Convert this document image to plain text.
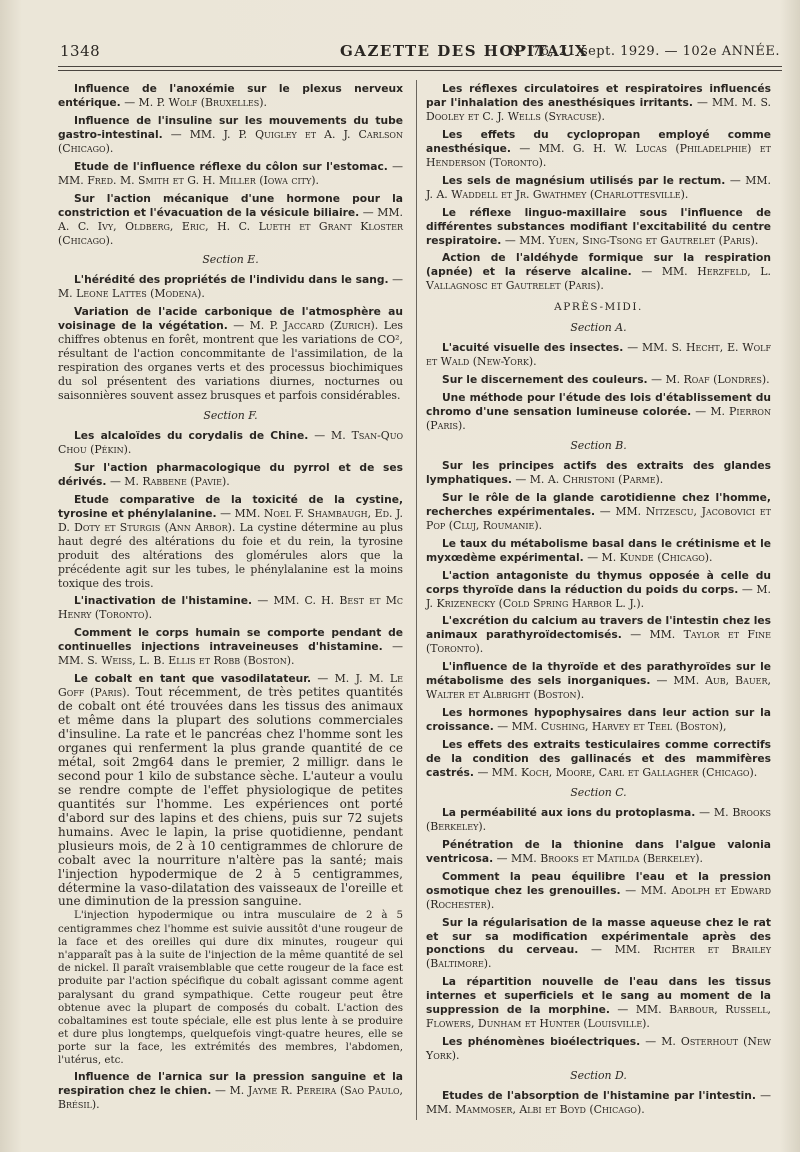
1348	GAZETTE DES HOPITAUX
N° 76, 21 sept. 1929. — 102e ANNÉE.

Influence de l'anoxémie sur le plexus nerveux entérique. — M. P. Wolf (Bruxelles).

Influence de l'insuline sur les mouvements du tube gastro-intestinal. — MM. J. P. Quigley et A. J. Carlson (Chicago).

Etude de l'influence réflexe du côlon sur l'estomac. — MM. Fred. M. Smith et G. H. Miller (Iowa city).

Sur l'action mécanique d'une hormone pour la constriction et l'évacuation de la vésicule biliaire. — MM. A. C. Ivy, Oldberg, Eric, H. C. Lueth et Grant Kloster (Chicago).

Section E.

L'hérédité des propriétés de l'individu dans le sang. — M. Leone Lattes (Modena).

Variation de l'acide carbonique de l'atmosphère au voisinage de la végétation. — M. P. Jaccard (Zurich). Les chiffres obtenus en forêt, montrent que les variations de CO², résultant de l'action concommitante de l'assimilation, de la respiration des organes verts et des processus biochimiques du sol présentent des variations diurnes, nocturnes ou saisonnières souvent assez brusques et parfois considérables.

Section F.

Les alcaloïdes du corydalis de Chine. — M. Tsan-Quo Chou (Pékin).

Sur l'action pharmacologique du pyrrol et de ses dérivés. — M. Rabbene (Pavie).

Etude comparative de la toxicité de la cystine, tyrosine et phénylalanine. — MM. Noel F. Shambaugh, Ed. J. D. Doty et Sturgis (Ann Arbor). La cystine détermine au plus haut degré des altérations du foie et du rein, la tyrosine produit des altérations des glomérules alors que la précédente agit sur les tubes, le phénylalanine est la moins toxique des trois.

L'inactivation de l'histamine. — MM. C. H. Best et Mc Henry (Toronto).

Comment le corps humain se comporte pendant de continuelles injections intraveineuses d'histamine. — MM. S. Weiss, L. B. Ellis et Robb (Boston).

Le cobalt en tant que vasodilatateur. — M. J. M. Le Goff (Paris). Tout récemment, de très petites quantités de cobalt ont été trouvées dans les tissus des animaux et même dans la plupart des solutions commerciales d'insuline. La rate et le pancréas chez l'homme sont les organes qui renferment la plus grande quantité de ce métal, soit 2mg64 dans le premier, 2 milligr. dans le second pour 1 kilo de substance sèche. L'auteur a voulu se rendre compte de l'effet physiologique de petites quantités sur l'homme. Les expériences ont porté d'abord sur des lapins et des chiens, puis sur 72 sujets humains. Avec le lapin, la prise quotidienne, pendant plusieurs mois, de 2 à 10 centigrammes de chlorure de cobalt avec la nourriture n'altère pas la santé; mais l'injection hypodermique de 2 à 5 centigrammes, détermine la vaso-dilatation des vaisseaux de l'oreille et une diminution de la pression sanguine.

L'injection hypodermique ou intra musculaire de 2 à 5 centigrammes chez l'homme est suivie aussitôt d'une rougeur de la face et des oreilles qui dure dix minutes, rougeur qui n'apparaît pas à la suite de l'injection de la même quantité de sel de nickel. Il paraît vraisemblable que cette rougeur de la face est produite par l'action spécifique du cobalt agissant comme agent paralysant du grand sympathique. Cette rougeur peut être obtenue avec la plupart de composés du cobalt. L'action des cobaltamines est toute spéciale, elle est plus lente à se produire et dure plus longtemps, quelquefois vingt-quatre heures, elle se porte sur la face, les extrémités des membres, l'abdomen, l'utérus, etc.

Influence de l'arnica sur la pression sanguine et la respiration chez le chien. — M. Jayme R. Pereira (Sao Paulo, Brésil).

Les réflexes circulatoires et respiratoires influencés par l'inhalation des anesthésiques irritants. — MM. M. S. Dooley et C. J. Wells (Syracuse).

Les effets du cyclopropan employé comme anesthésique. — MM. G. H. W. Lucas (Philadelphie) et Henderson (Toronto).

Les sels de magnésium utilisés par le rectum. — MM. J. A. Waddell et Jr. Gwathmey (Charlottesville).

Le réflexe linguo-maxillaire sous l'influence de différentes substances modifiant l'excitabilité du centre respiratoire. — MM. Yuen, Sing-Tsong et Gautrelet (Paris).

Action de l'aldéhyde formique sur la respiration (apnée) et la réserve alcaline. — MM. Herzfeld, L. Vallagnosc et Gautrelet (Paris).

APRÈS-MIDI.
Section A.

L'acuité visuelle des insectes. — MM. S. Hecht, E. Wolf et Wald (New-York).

Sur le discernement des couleurs. — M. Roaf (Londres).

Une méthode pour l'étude des lois d'établissement du chromo d'une sensation lumineuse colorée. — M. Pierron (Paris).

Section B.

Sur les principes actifs des extraits des glandes lymphatiques. — M. A. Christoni (Parme).

Sur le rôle de la glande carotidienne chez l'homme, recherches expérimentales. — MM. Nitzescu, Jacobovici et Pop (Cluj, Roumanie).

Le taux du métabolisme basal dans le crétinisme et le myxœdème expérimental. — M. Kunde (Chicago).

L'action antagoniste du thymus opposée à celle du corps thyroïde dans la réduction du poids du corps. — M. J. Krizenecky (Cold Spring Harbor L. J.).

L'excrétion du calcium au travers de l'intestin chez les animaux parathyroïdectomisés. — MM. Taylor et Fine (Toronto).

L'influence de la thyroïde et des parathyroïdes sur le métabolisme des sels inorganiques. — MM. Aub, Bauer, Walter et Albright (Boston).

Les hormones hypophysaires dans leur action sur la croissance. — MM. Cushing, Harvey et Teel (Boston),

Les effets des extraits testiculaires comme correctifs de la condition des gallinacés et des mammifères castrés. — MM. Koch, Moore, Carl et Gallagher (Chicago).

Section C.

La perméabilité aux ions du protoplasma. — M. Brooks (Berkeley).

Pénétration de la thionine dans l'algue valonia ventricosa. — MM. Brooks et Matilda (Berkeley).

Comment la peau équilibre l'eau et la pression osmotique chez les grenouilles. — MM. Adolph et Edward (Rochester).

Sur la régularisation de la masse aqueuse chez le rat et sur sa modification expérimentale après des ponctions du cerveau. — MM. Richter et Brailey (Baltimore).

La répartition nouvelle de l'eau dans les tissus internes et superficiels et le sang au moment de la suppression de la morphine. — MM. Barbour, Russell, Flowers, Dunham et Hunter (Louisville).

Les phénomènes bioélectriques. — M. Osterhout (New York).

Section D.

Etudes de l'absorption de l'histamine par l'intestin. — MM. Mammoser, Albi et Boyd (Chicago).
